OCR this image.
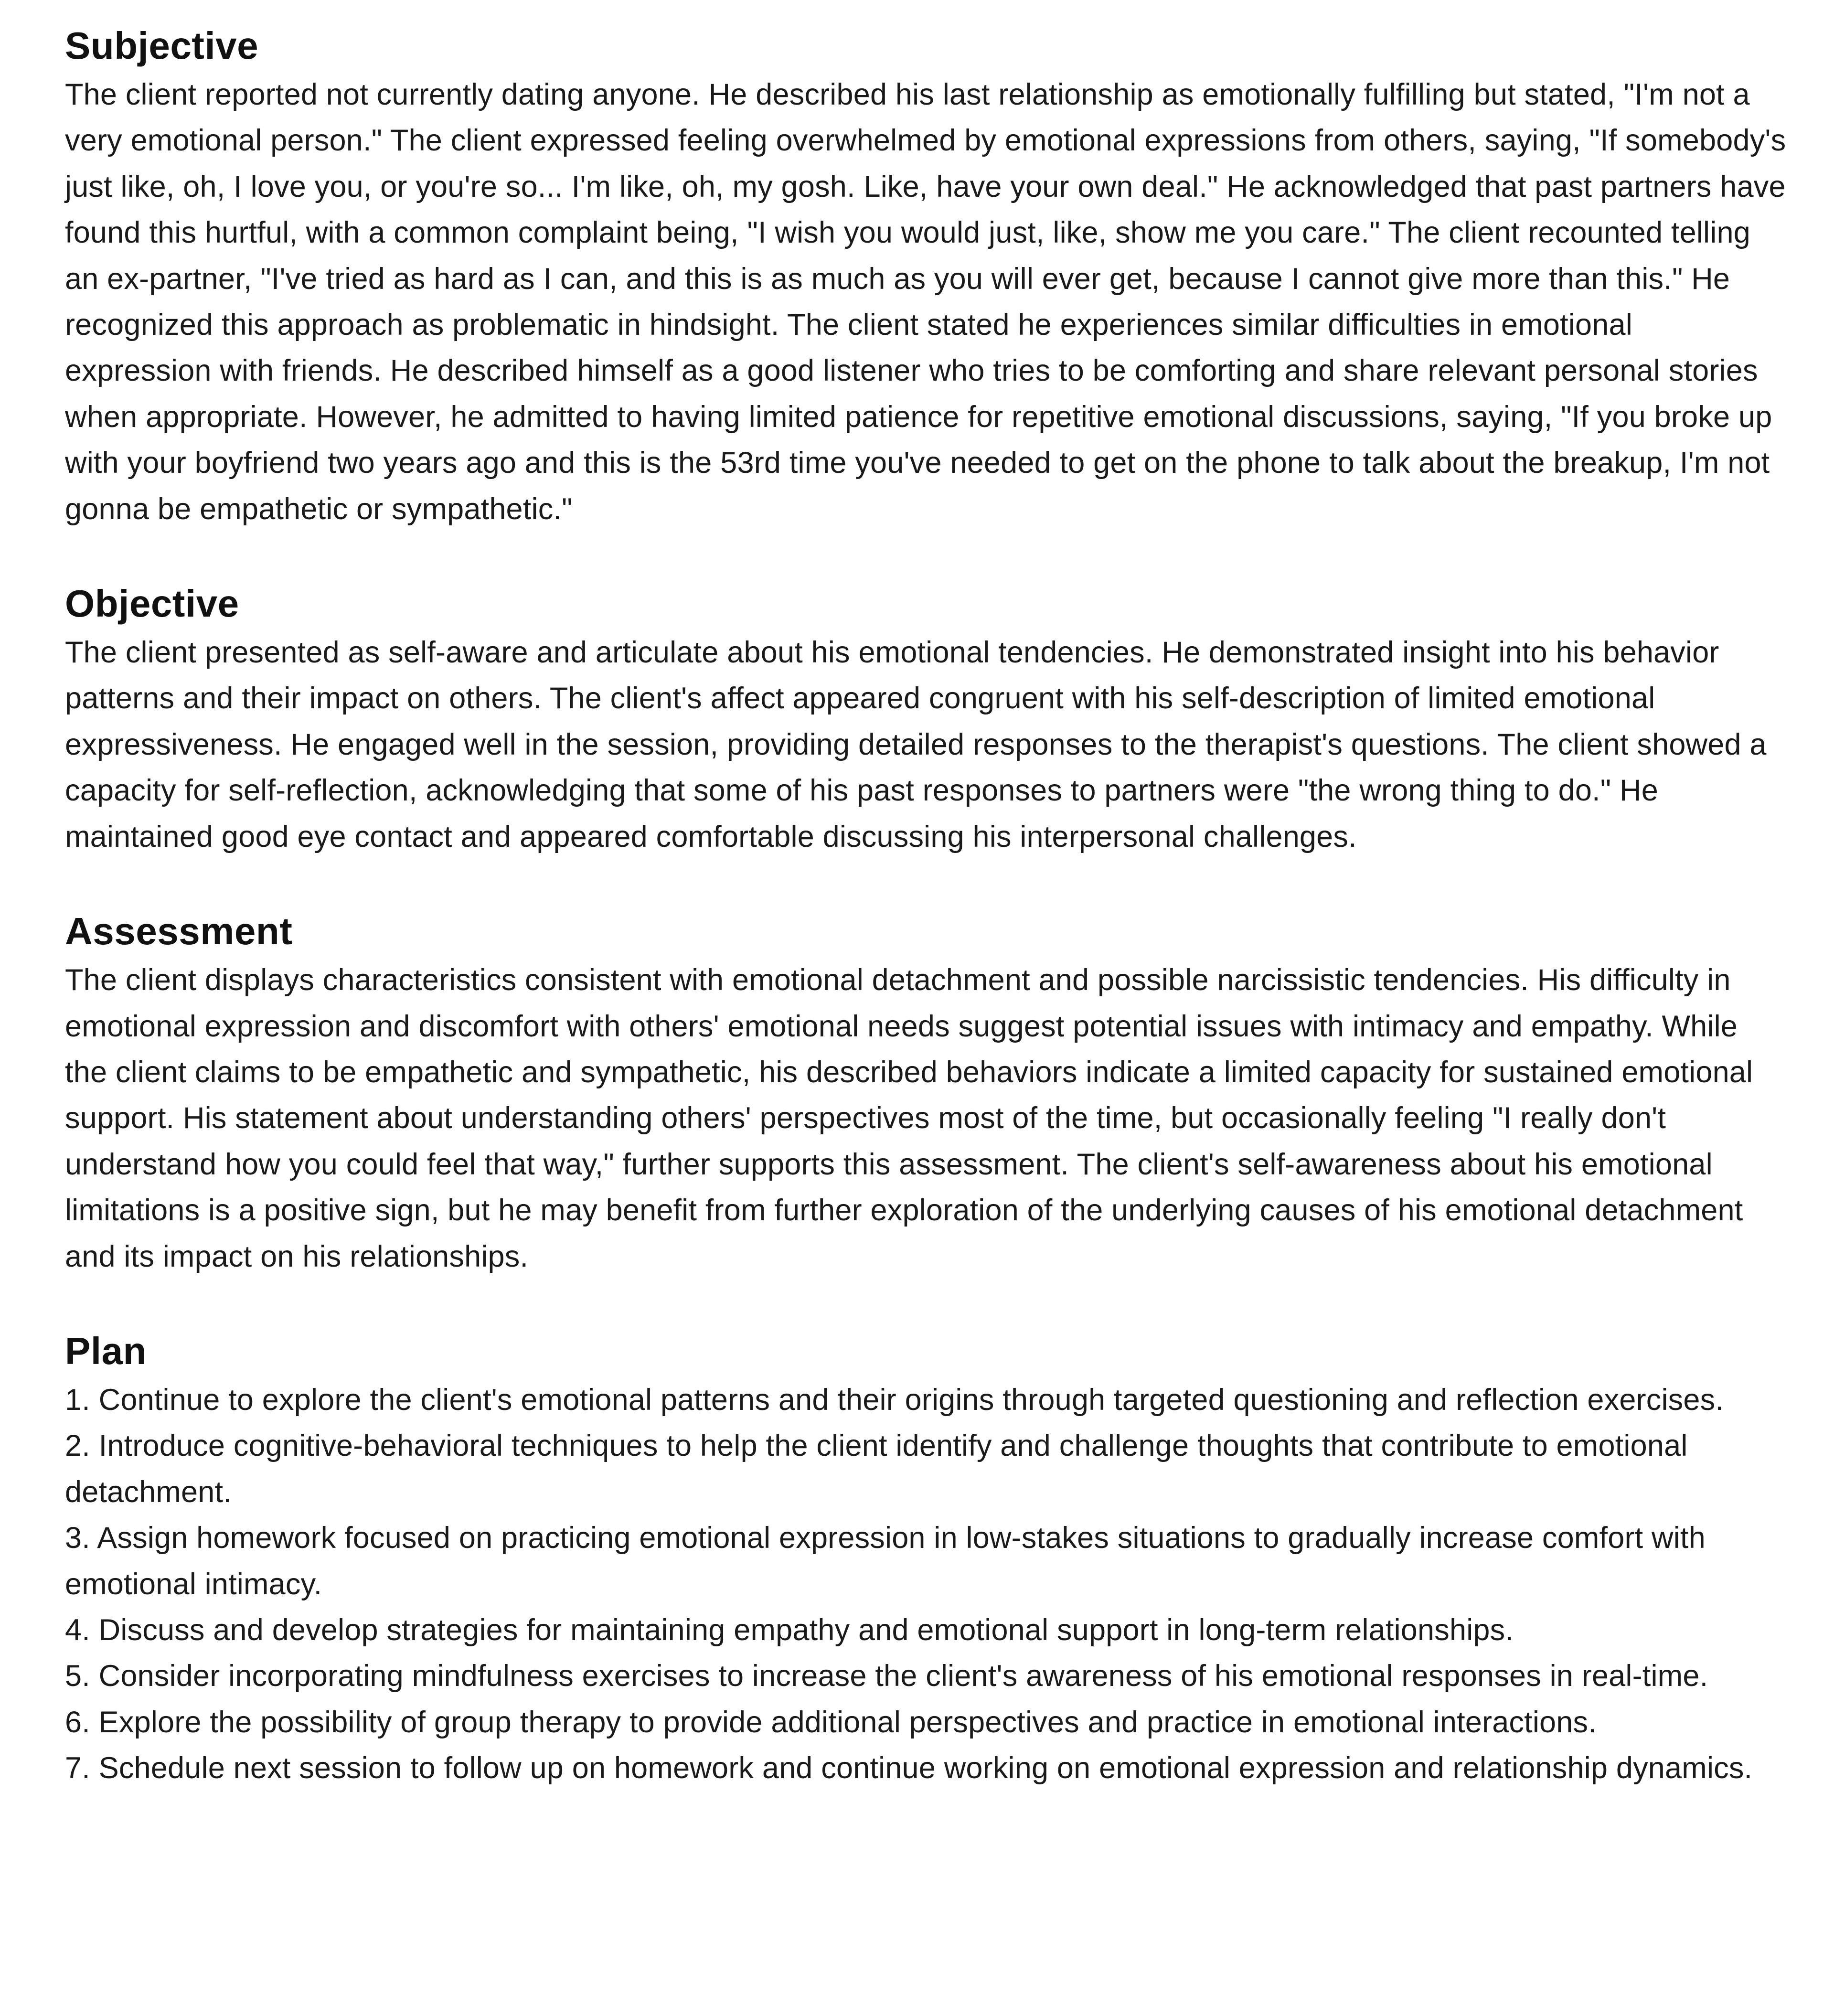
Subjective

The client reported not currently dating anyone. He described his last relationship as emotionally fulfilling but stated, "I'm not a very emotional person." The client expressed feeling overwhelmed by emotional expressions from others, saying, "If somebody's just like, oh, I love you, or you're so... I'm like, oh, my gosh. Like, have your own deal." He acknowledged that past partners have found this hurtful, with a common complaint being, "I wish you would just, like, show me you care." The client recounted telling an ex-partner, "I've tried as hard as I can, and this is as much as you will ever get, because I cannot give more than this." He recognized this approach as problematic in hindsight. The client stated he experiences similar difficulties in emotional expression with friends. He described himself as a good listener who tries to be comforting and share relevant personal stories when appropriate. However, he admitted to having limited patience for repetitive emotional discussions, saying, "If you broke up with your boyfriend two years ago and this is the 53rd time you've needed to get on the phone to talk about the breakup, I'm not gonna be empathetic or sympathetic."

Objective

The client presented as self-aware and articulate about his emotional tendencies. He demonstrated insight into his behavior patterns and their impact on others. The client's affect appeared congruent with his self-description of limited emotional expressiveness. He engaged well in the session, providing detailed responses to the therapist's questions. The client showed a capacity for self-reflection, acknowledging that some of his past responses to partners were "the wrong thing to do." He maintained good eye contact and appeared comfortable discussing his interpersonal challenges.

Assessment

The client displays characteristics consistent with emotional detachment and possible narcissistic tendencies. His difficulty in emotional expression and discomfort with others' emotional needs suggest potential issues with intimacy and empathy. While the client claims to be empathetic and sympathetic, his described behaviors indicate a limited capacity for sustained emotional support. His statement about understanding others' perspectives most of the time, but occasionally feeling "I really don't understand how you could feel that way," further supports this assessment. The client's self-awareness about his emotional limitations is a positive sign, but he may benefit from further exploration of the underlying causes of his emotional detachment and its impact on his relationships.

Plan
1. Continue to explore the client's emotional patterns and their origins through targeted questioning and reflection exercises.
2. Introduce cognitive-behavioral techniques to help the client identify and challenge thoughts that contribute to emotional detachment.
3. Assign homework focused on practicing emotional expression in low-stakes situations to gradually increase comfort with emotional intimacy.
4. Discuss and develop strategies for maintaining empathy and emotional support in long-term relationships.
5. Consider incorporating mindfulness exercises to increase the client's awareness of his emotional responses in real-time.
6. Explore the possibility of group therapy to provide additional perspectives and practice in emotional interactions.
7. Schedule next session to follow up on homework and continue working on emotional expression and relationship dynamics.
